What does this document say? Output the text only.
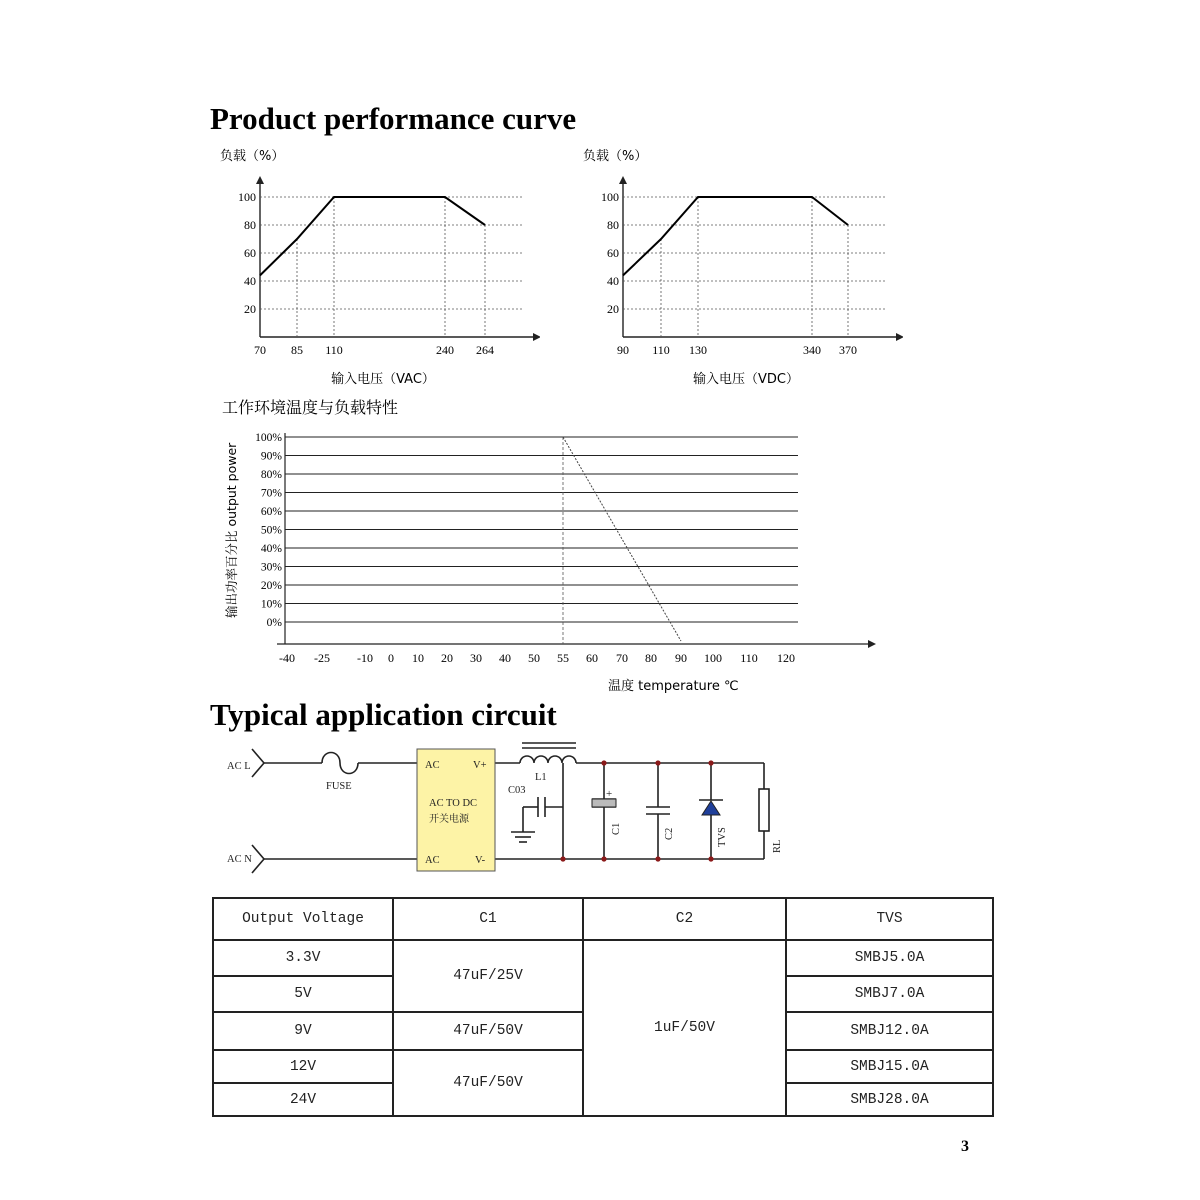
Product performance curve
Typical application circuit
负载（%）
100
80
60
40
20
70 85 110	240 264
输入电压（VAC）
负载（%）
100
80
60
40
20
90 110 130	340 370
输入电压（VDC）
工作环境温度与负载特性
100%
90%
80%
70%
60%
50%
40%
30%
20%
10%
0%
-40 -25 -10 0 10 20 30 40 50 55 60 70 80 90 100 110 120
输出功率百分比 output power
温度 temperature ℃
AC L
AC N
FUSE
AC
AC
V+
V-
AC TO DC
开关电源
L1
C03	+
C1	C2	TVS	RL
Output Voltage	C1	C2	TVS
3.3V	47uF/25V	1uF/50V	SMBJ5.0A
5V			SMBJ7.0A
9V	47uF/50V		SMBJ12.0A
12V	47uF/50V		SMBJ15.0A
24V			SMBJ28.0A
3
